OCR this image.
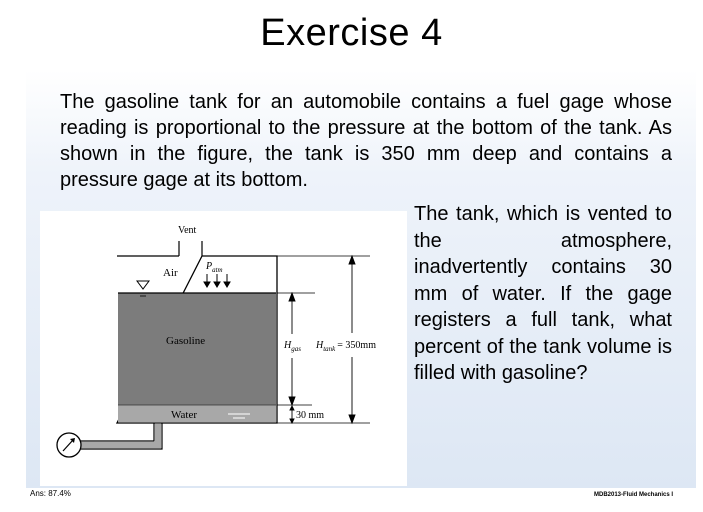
Exercise 4
The gasoline tank for an automobile contains a fuel gage whose reading is proportional to the pressure at the bottom of the tank. As shown in the figure, the tank is 350 mm deep and contains a pressure gage at its bottom.
Vent
Air
$P_{atm}$
Gasoline
Water
$H_{gas}$ $H_{tank} = 350mm$
30 mm
The tank, which is vented to the atmosphere, inadvertently contains 30 mm of water. If the gage registers a full tank, what percent of the tank volume is filled with gasoline?
Ans: 87.4%	MDB2013-Fluid Mechanics I
